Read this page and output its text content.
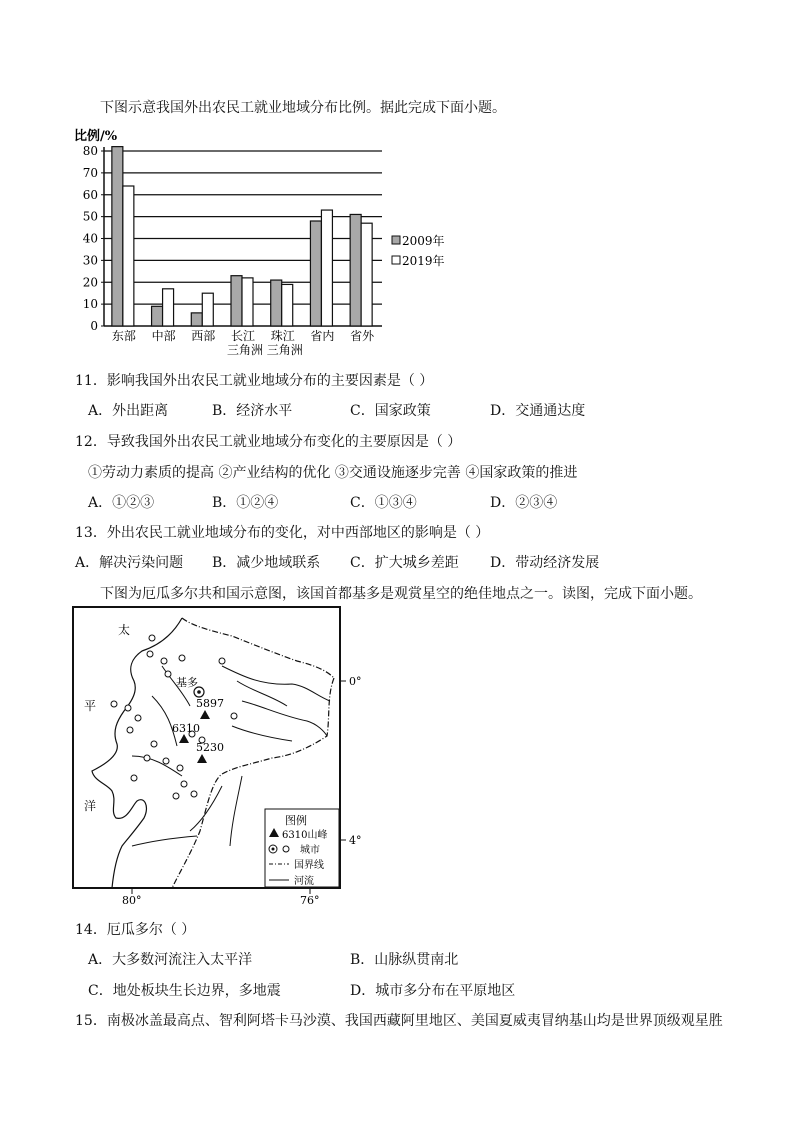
下图示意我国外出农民工就业地域分布比例。据此完成下面小题。
比例/%
0
10
20
30
40
50
60
70
80
东部 中部 西部 长江
三角洲
珠江
三角洲
省内 省外
2009年
2019年
11．影响我国外出农民工就业地域分布的主要因素是（ ）
A．外出距离	B．经济水平	C．国家政策	D．交通通达度
12．导致我国外出农民工就业地域分布变化的主要原因是（ ）
①劳动力素质的提高 ②产业结构的优化 ③交通设施逐步完善 ④国家政策的推进
A．①②③	B．①②④	C．①③④	D．②③④
13．外出农民工就业地域分布的变化，对中西部地区的影响是（ ）
A．解决污染问题 B．减少地域联系 C．扩大城乡差距 D．带动经济发展
下图为厄瓜多尔共和国示意图，该国首都基多是观赏星空的绝佳地点之一。读图，完成下面小题。
基多
5897
6310
5230
太
平
洋
0°
4°
80°	76°
图例
6310山峰
城市
国界线
河流
14．厄瓜多尔（ ）
A．大多数河流注入太平洋	B．山脉纵贯南北
C．地处板块生长边界，多地震	D．城市多分布在平原地区
15．南极冰盖最高点、智利阿塔卡马沙漠、我国西藏阿里地区、美国夏威夷冒纳基山均是世界顶级观星胜
